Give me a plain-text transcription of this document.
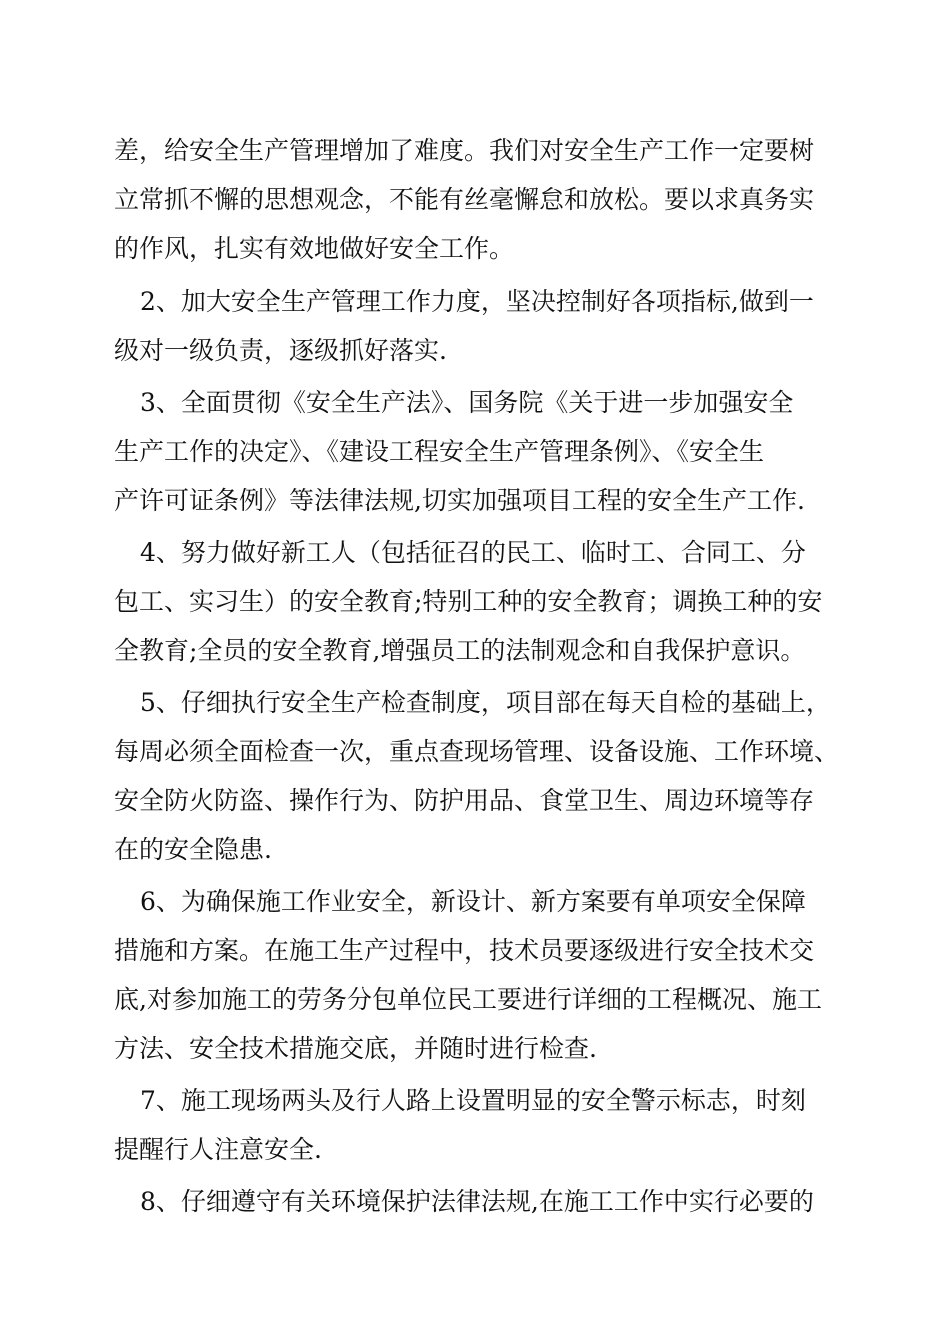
差，给安全生产管理增加了难度。我们对安全生产工作一定要树

立常抓不懈的思想观念，不能有丝毫懈怠和放松。要以求真务实

的作风，扎实有效地做好安全工作。

2、加大安全生产管理工作力度，坚决控制好各项指标,做到一

级对一级负责，逐级抓好落实.

3、全面贯彻《安全生产法》、国务院《关于进一步加强安全

生产工作的决定》、《建设工程安全生产管理条例》、《安全生

产许可证条例》等法律法规,切实加强项目工程的安全生产工作.

4、努力做好新工人（包括征召的民工、临时工、合同工、分

包工、实习生）的安全教育;特别工种的安全教育；调换工种的安

全教育;全员的安全教育,增强员工的法制观念和自我保护意识。

5、仔细执行安全生产检查制度，项目部在每天自检的基础上，

每周必须全面检查一次，重点查现场管理、设备设施、工作环境、

安全防火防盗、操作行为、防护用品、食堂卫生、周边环境等存

在的安全隐患.

6、为确保施工作业安全，新设计、新方案要有单项安全保障

措施和方案。在施工生产过程中，技术员要逐级进行安全技术交

底,对参加施工的劳务分包单位民工要进行详细的工程概况、施工

方法、安全技术措施交底，并随时进行检查.

7、施工现场两头及行人路上设置明显的安全警示标志，时刻

提醒行人注意安全.

8、仔细遵守有关环境保护法律法规,在施工工作中实行必要的
